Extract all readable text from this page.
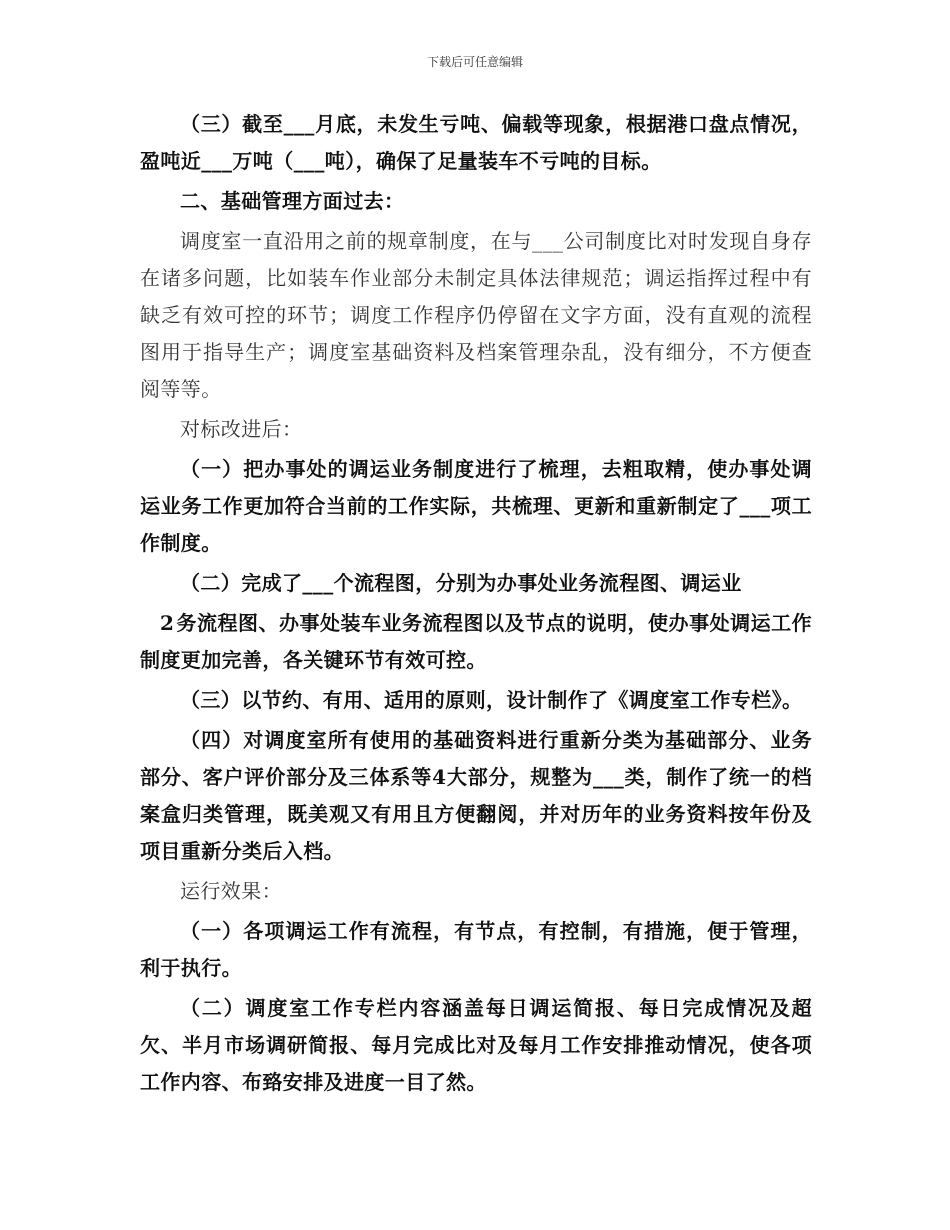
下载后可任意编辑

（三）截至___月底，未发生亏吨、偏载等现象，根据港口盘点情况，盈吨近___万吨（___吨），确保了足量装车不亏吨的目标。

二、基础管理方面过去：

调度室一直沿用之前的规章制度，在与___公司制度比对时发现自身存在诸多问题，比如装车作业部分未制定具体法律规范；调运指挥过程中有缺乏有效可控的环节；调度工作程序仍停留在文字方面，没有直观的流程图用于指导生产；调度室基础资料及档案管理杂乱，没有细分，不方便查阅等等。

对标改进后：

（一）把办事处的调运业务制度进行了梳理，去粗取精，使办事处调运业务工作更加符合当前的工作实际，共梳理、更新和重新制定了___项工作制度。

（二）完成了___个流程图，分别为办事处业务流程图、调运业

2 务流程图、办事处装车业务流程图以及节点的说明，使办事处调运工作制度更加完善，各关键环节有效可控。

（三）以节约、有用、适用的原则，设计制作了《调度室工作专栏》。

（四）对调度室所有使用的基础资料进行重新分类为基础部分、业务部分、客户评价部分及三体系等4大部分，规整为___类，制作了统一的档案盒归类管理，既美观又有用且方便翻阅，并对历年的业务资料按年份及项目重新分类后入档。

运行效果：

（一）各项调运工作有流程，有节点，有控制，有措施，便于管理，利于执行。

（二）调度室工作专栏内容涵盖每日调运简报、每日完成情况及超欠、半月市场调研简报、每月完成比对及每月工作安排推动情况，使各项工作内容、布臵安排及进度一目了然。
